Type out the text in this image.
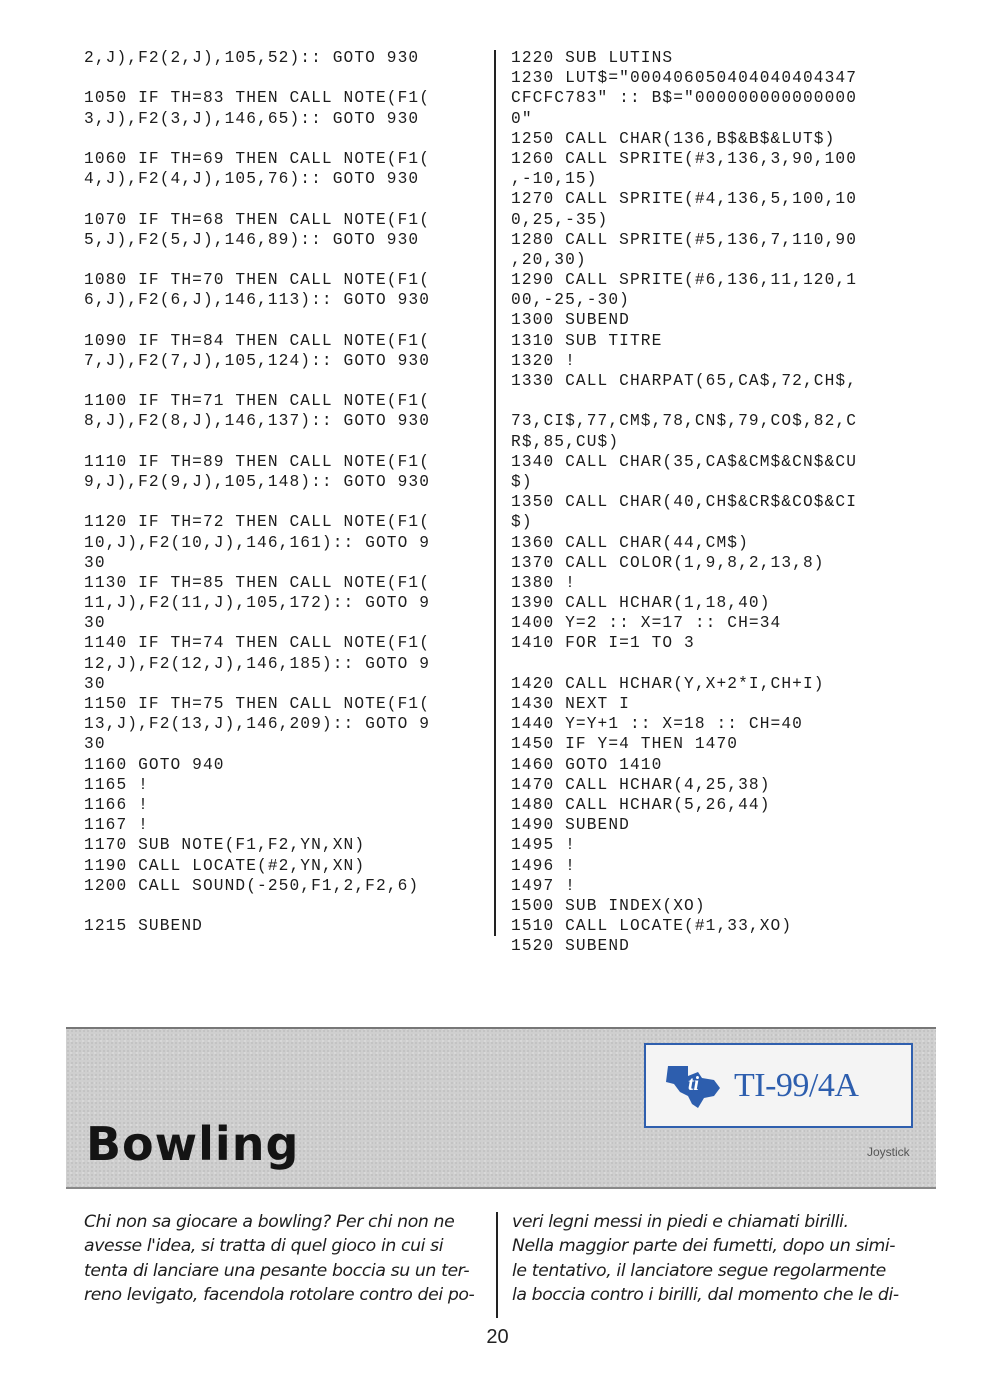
2,J),F2(2,J),105,52):: GOTO 930
1050 IF TH=83 THEN CALL NOTE(F1(
3,J),F2(3,J),146,65):: GOTO 930
1060 IF TH=69 THEN CALL NOTE(F1(
4,J),F2(4,J),105,76):: GOTO 930
1070 IF TH=68 THEN CALL NOTE(F1(
5,J),F2(5,J),146,89):: GOTO 930
1080 IF TH=70 THEN CALL NOTE(F1(
6,J),F2(6,J),146,113):: GOTO 930
1090 IF TH=84 THEN CALL NOTE(F1(
7,J),F2(7,J),105,124):: GOTO 930
1100 IF TH=71 THEN CALL NOTE(F1(
8,J),F2(8,J),146,137):: GOTO 930
1110 IF TH=89 THEN CALL NOTE(F1(
9,J),F2(9,J),105,148):: GOTO 930
1120 IF TH=72 THEN CALL NOTE(F1(
10,J),F2(10,J),146,161):: GOTO 9
30
1130 IF TH=85 THEN CALL NOTE(F1(
11,J),F2(11,J),105,172):: GOTO 9
30
1140 IF TH=74 THEN CALL NOTE(F1(
12,J),F2(12,J),146,185):: GOTO 9
30
1150 IF TH=75 THEN CALL NOTE(F1(
13,J),F2(13,J),146,209):: GOTO 9
30
1160 GOTO 940
1165 !
1166 !
1167 !
1170 SUB NOTE(F1,F2,YN,XN)
1190 CALL LOCATE(#2,YN,XN)
1200 CALL SOUND(-250,F1,2,F2,6)
1215 SUBEND
1220 SUB LUTINS
1230 LUT$="000406050404040404347
CFCFC783" :: B$="000000000000000
0"
1250 CALL CHAR(136,B$&B$&LUT$)
1260 CALL SPRITE(#3,136,3,90,100
,-10,15)
1270 CALL SPRITE(#4,136,5,100,10
0,25,-35)
1280 CALL SPRITE(#5,136,7,110,90
,20,30)
1290 CALL SPRITE(#6,136,11,120,1
00,-25,-30)
1300 SUBEND
1310 SUB TITRE
1320 !
1330 CALL CHARPAT(65,CA$,72,CH$,
73,CI$,77,CM$,78,CN$,79,CO$,82,C
R$,85,CU$)
1340 CALL CHAR(35,CA$&CM$&CN$&CU
$)
1350 CALL CHAR(40,CH$&CR$&CO$&CI
$)
1360 CALL CHAR(44,CM$)
1370 CALL COLOR(1,9,8,2,13,8)
1380 !
1390 CALL HCHAR(1,18,40)
1400 Y=2 :: X=17 :: CH=34
1410 FOR I=1 TO 3
1420 CALL HCHAR(Y,X+2*I,CH+I)
1430 NEXT I
1440 Y=Y+1 :: X=18 :: CH=40
1450 IF Y=4 THEN 1470
1460 GOTO 1410
1470 CALL HCHAR(4,25,38)
1480 CALL HCHAR(5,26,44)
1490 SUBEND
1495 !
1496 !
1497 !
1500 SUB INDEX(XO)
1510 CALL LOCATE(#1,33,XO)
1520 SUBEND
ti TI-99/4A
Bowling	Joystick
Chi non sa giocare a bowling? Per chi non ne
avesse l'idea, si tratta di quel gioco in cui si
tenta di lanciare una pesante boccia su un ter-
reno levigato, facendola rotolare contro dei po-
veri legni messi in piedi e chiamati birilli.
Nella maggior parte dei fumetti, dopo un simi-
le tentativo, il lanciatore segue regolarmente
la boccia contro i birilli, dal momento che le di-
20
